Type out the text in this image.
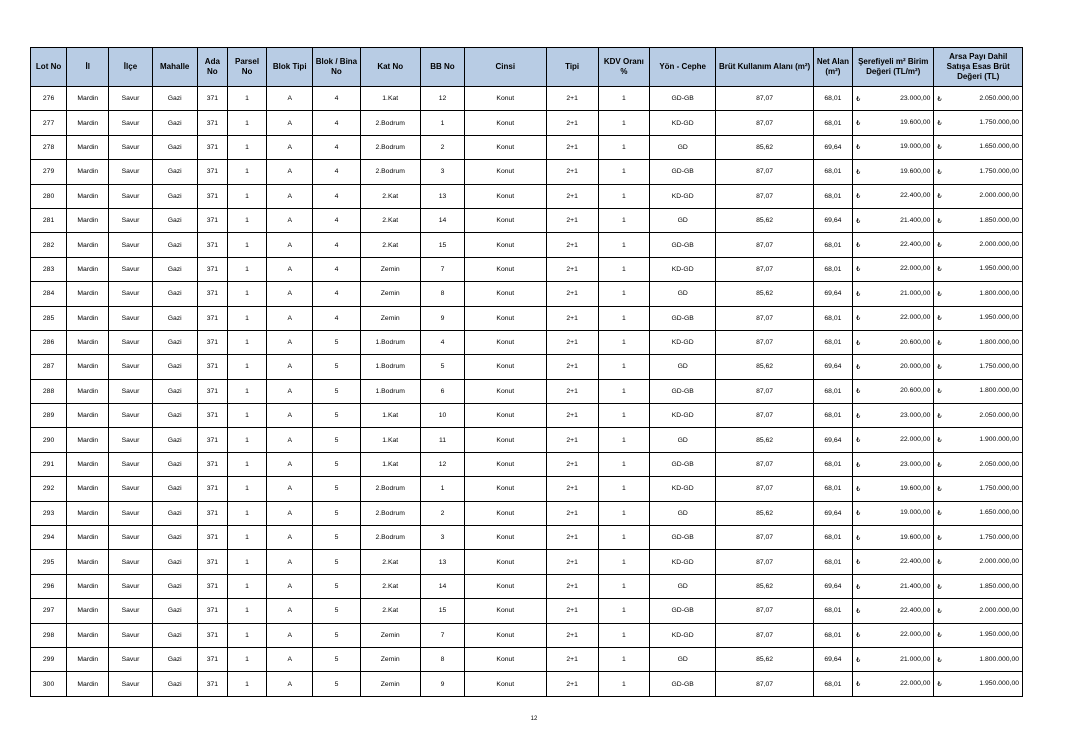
Lot No	İl	İlçe	Mahalle	Ada No	Parsel No	Blok Tipi	Blok / Bina No	Kat No	BB No	Cinsi	Tipi	KDV Oranı %	Yön - Cephe	Brüt Kullanım Alanı (m²)	Net Alan (m²)	Şerefiyeli m² Birim Değeri (TL/m²)	Arsa Payı Dahil Satışa Esas Brüt Değeri (TL)
276	Mardin	Savur	Gazi	371	1	A	4	1.Kat	12	Konut	2+1	1	GD-GB	87,07	68,01	₺ 23.000,00	₺ 2.050.000,00
277	Mardin	Savur	Gazi	371	1	A	4	2.Bodrum	1	Konut	2+1	1	KD-GD	87,07	68,01	₺ 19.600,00	₺ 1.750.000,00
278	Mardin	Savur	Gazi	371	1	A	4	2.Bodrum	2	Konut	2+1	1	GD	85,62	69,64	₺ 19.000,00	₺ 1.650.000,00
279	Mardin	Savur	Gazi	371	1	A	4	2.Bodrum	3	Konut	2+1	1	GD-GB	87,07	68,01	₺ 19.600,00	₺ 1.750.000,00
280	Mardin	Savur	Gazi	371	1	A	4	2.Kat	13	Konut	2+1	1	KD-GD	87,07	68,01	₺ 22.400,00	₺ 2.000.000,00
281	Mardin	Savur	Gazi	371	1	A	4	2.Kat	14	Konut	2+1	1	GD	85,62	69,64	₺ 21.400,00	₺ 1.850.000,00
282	Mardin	Savur	Gazi	371	1	A	4	2.Kat	15	Konut	2+1	1	GD-GB	87,07	68,01	₺ 22.400,00	₺ 2.000.000,00
283	Mardin	Savur	Gazi	371	1	A	4	Zemin	7	Konut	2+1	1	KD-GD	87,07	68,01	₺ 22.000,00	₺ 1.950.000,00
284	Mardin	Savur	Gazi	371	1	A	4	Zemin	8	Konut	2+1	1	GD	85,62	69,64	₺ 21.000,00	₺ 1.800.000,00
285	Mardin	Savur	Gazi	371	1	A	4	Zemin	9	Konut	2+1	1	GD-GB	87,07	68,01	₺ 22.000,00	₺ 1.950.000,00
286	Mardin	Savur	Gazi	371	1	A	5	1.Bodrum	4	Konut	2+1	1	KD-GD	87,07	68,01	₺ 20.600,00	₺ 1.800.000,00
287	Mardin	Savur	Gazi	371	1	A	5	1.Bodrum	5	Konut	2+1	1	GD	85,62	69,64	₺ 20.000,00	₺ 1.750.000,00
288	Mardin	Savur	Gazi	371	1	A	5	1.Bodrum	6	Konut	2+1	1	GD-GB	87,07	68,01	₺ 20.600,00	₺ 1.800.000,00
289	Mardin	Savur	Gazi	371	1	A	5	1.Kat	10	Konut	2+1	1	KD-GD	87,07	68,01	₺ 23.000,00	₺ 2.050.000,00
290	Mardin	Savur	Gazi	371	1	A	5	1.Kat	11	Konut	2+1	1	GD	85,62	69,64	₺ 22.000,00	₺ 1.900.000,00
291	Mardin	Savur	Gazi	371	1	A	5	1.Kat	12	Konut	2+1	1	GD-GB	87,07	68,01	₺ 23.000,00	₺ 2.050.000,00
292	Mardin	Savur	Gazi	371	1	A	5	2.Bodrum	1	Konut	2+1	1	KD-GD	87,07	68,01	₺ 19.600,00	₺ 1.750.000,00
293	Mardin	Savur	Gazi	371	1	A	5	2.Bodrum	2	Konut	2+1	1	GD	85,62	69,64	₺ 19.000,00	₺ 1.650.000,00
294	Mardin	Savur	Gazi	371	1	A	5	2.Bodrum	3	Konut	2+1	1	GD-GB	87,07	68,01	₺ 19.600,00	₺ 1.750.000,00
295	Mardin	Savur	Gazi	371	1	A	5	2.Kat	13	Konut	2+1	1	KD-GD	87,07	68,01	₺ 22.400,00	₺ 2.000.000,00
296	Mardin	Savur	Gazi	371	1	A	5	2.Kat	14	Konut	2+1	1	GD	85,62	69,64	₺ 21.400,00	₺ 1.850.000,00
297	Mardin	Savur	Gazi	371	1	A	5	2.Kat	15	Konut	2+1	1	GD-GB	87,07	68,01	₺ 22.400,00	₺ 2.000.000,00
298	Mardin	Savur	Gazi	371	1	A	5	Zemin	7	Konut	2+1	1	KD-GD	87,07	68,01	₺ 22.000,00	₺ 1.950.000,00
299	Mardin	Savur	Gazi	371	1	A	5	Zemin	8	Konut	2+1	1	GD	85,62	69,64	₺ 21.000,00	₺ 1.800.000,00
300	Mardin	Savur	Gazi	371	1	A	5	Zemin	9	Konut	2+1	1	GD-GB	87,07	68,01	₺ 22.000,00	₺ 1.950.000,00
12
